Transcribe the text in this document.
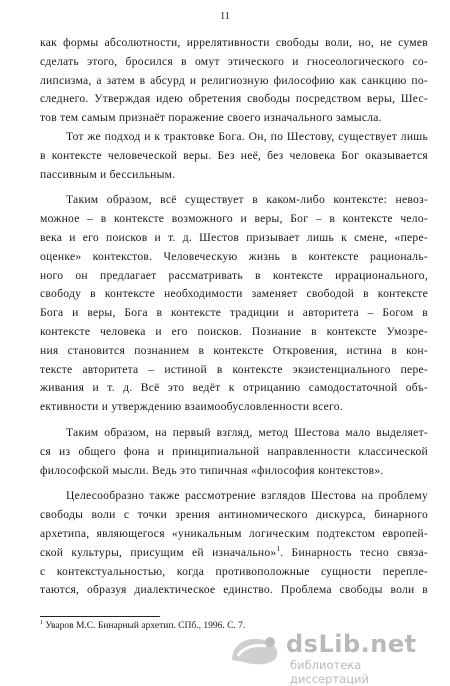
11
как формы абсолютности, иррелятивности свободы воли, но, не сумев
сделать этого, бросился в омут этического и гносеологического со-
липсизма, а затем в абсурд и религиозную философию как санкцию по-
следнего. Утверждая идею обретения свободы посредством веры, Шес-
тов тем самым признаёт поражение своего изначального замысла.
Тот же подход и к трактовке Бога. Он, по Шестову, существует лишь
в контексте человеческой веры. Без неё, без человека Бог оказывается
пассивным и бессильным.
Таким образом, всё существует в каком-либо контексте: невоз-
можное – в контексте возможного и веры, Бог – в контексте чело-
века и его поисков и т. д. Шестов призывает лишь к смене, «пере-
оценке» контекстов. Человеческую жизнь в контексте рациональ-
ного он предлагает рассматривать в контексте иррационального,
свободу в контексте необходимости заменяет свободой в контексте
Бога и веры, Бога в контексте традиции и авторитета – Богом в
контексте человека и его поисков. Познание в контексте Умозре-
ния становится познанием в контексте Откровения, истина в кон-
тексте авторитета – истиной в контексте экзистенциального пере-
живания и т. д. Всё это ведёт к отрицанию самодостаточной объ-
ективности и утверждению взаимообусловленности всего.
Таким образом, на первый взгляд, метод Шестова мало выделяет-
ся из общего фона и принципиальной направленности классической
философской мысли. Ведь это типичная «философия контекстов».
Целесообразно также рассмотрение взглядов Шестова на проблему
свободы воли с точки зрения антиномического дискурса, бинарного
архетипа, являющегося «уникальным логическим подтекстом европей-
ской культуры, присущим ей изначально»$^1$. Бинарность тесно связа-
с контекстуальностью, когда противоположные сущности перепле-
таются, образуя диалектическое единство. Проблема свободы воли в
$^1$ Уваров М.С. Бинарный архетип. СПб., 1996. С. 7.
dsLib.net
библиотека диссертаций
